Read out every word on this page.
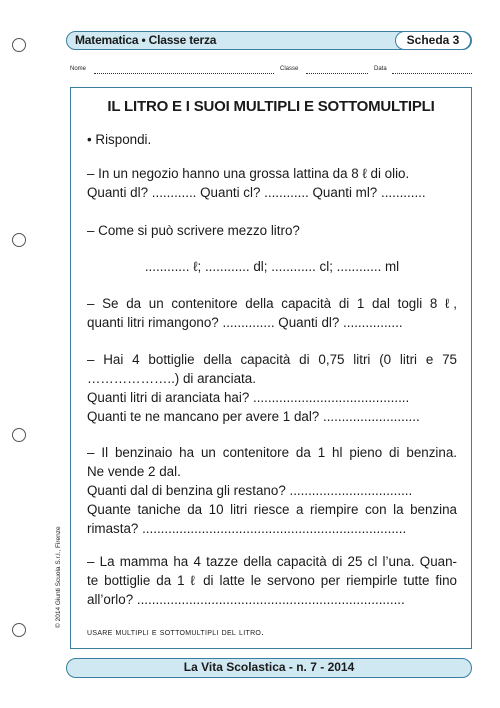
Matematica • Classe terza	Scheda 3
Nome	Classe	Data
IL LITRO E I SUOI MULTIPLI E SOTTOMULTIPLI

• Rispondi.

– In un negozio hanno una grossa lattina da 8 ℓ di olio.

Quanti dl? ............ Quanti cl? ............ Quanti ml? ............

– Come si può scrivere mezzo litro?

............ ℓ; ............ dl; ............ cl; ............ ml

– Se da un contenitore della capacità di 1 dal togli 8 ℓ,

quanti litri rimangono? .............. Quanti dl? ................

– Hai 4 bottiglie della capacità di 0,75 litri (0 litri e 75

………………..) di aranciata.

Quanti litri di aranciata hai? ..........................................

Quanti te ne mancano per avere 1 dal? ..........................

– Il benzinaio ha un contenitore da 1 hl pieno di benzina.

Ne vende 2 dal.

Quanti dal di benzina gli restano? .................................

Quante taniche da 10 litri riesce a riempire con la benzina

rimasta? .......................................................................

– La mamma ha 4 tazze della capacità di 25 cl l’una. Quan-

te bottiglie da 1 ℓ di latte le servono per riempirle tutte fino

all’orlo? ........................................................................

usare multipli e sottomultipli del litro.
© 2014 Giunti Scuola S.r.l., Firenze
La Vita Scolastica - n. 7 - 2014
